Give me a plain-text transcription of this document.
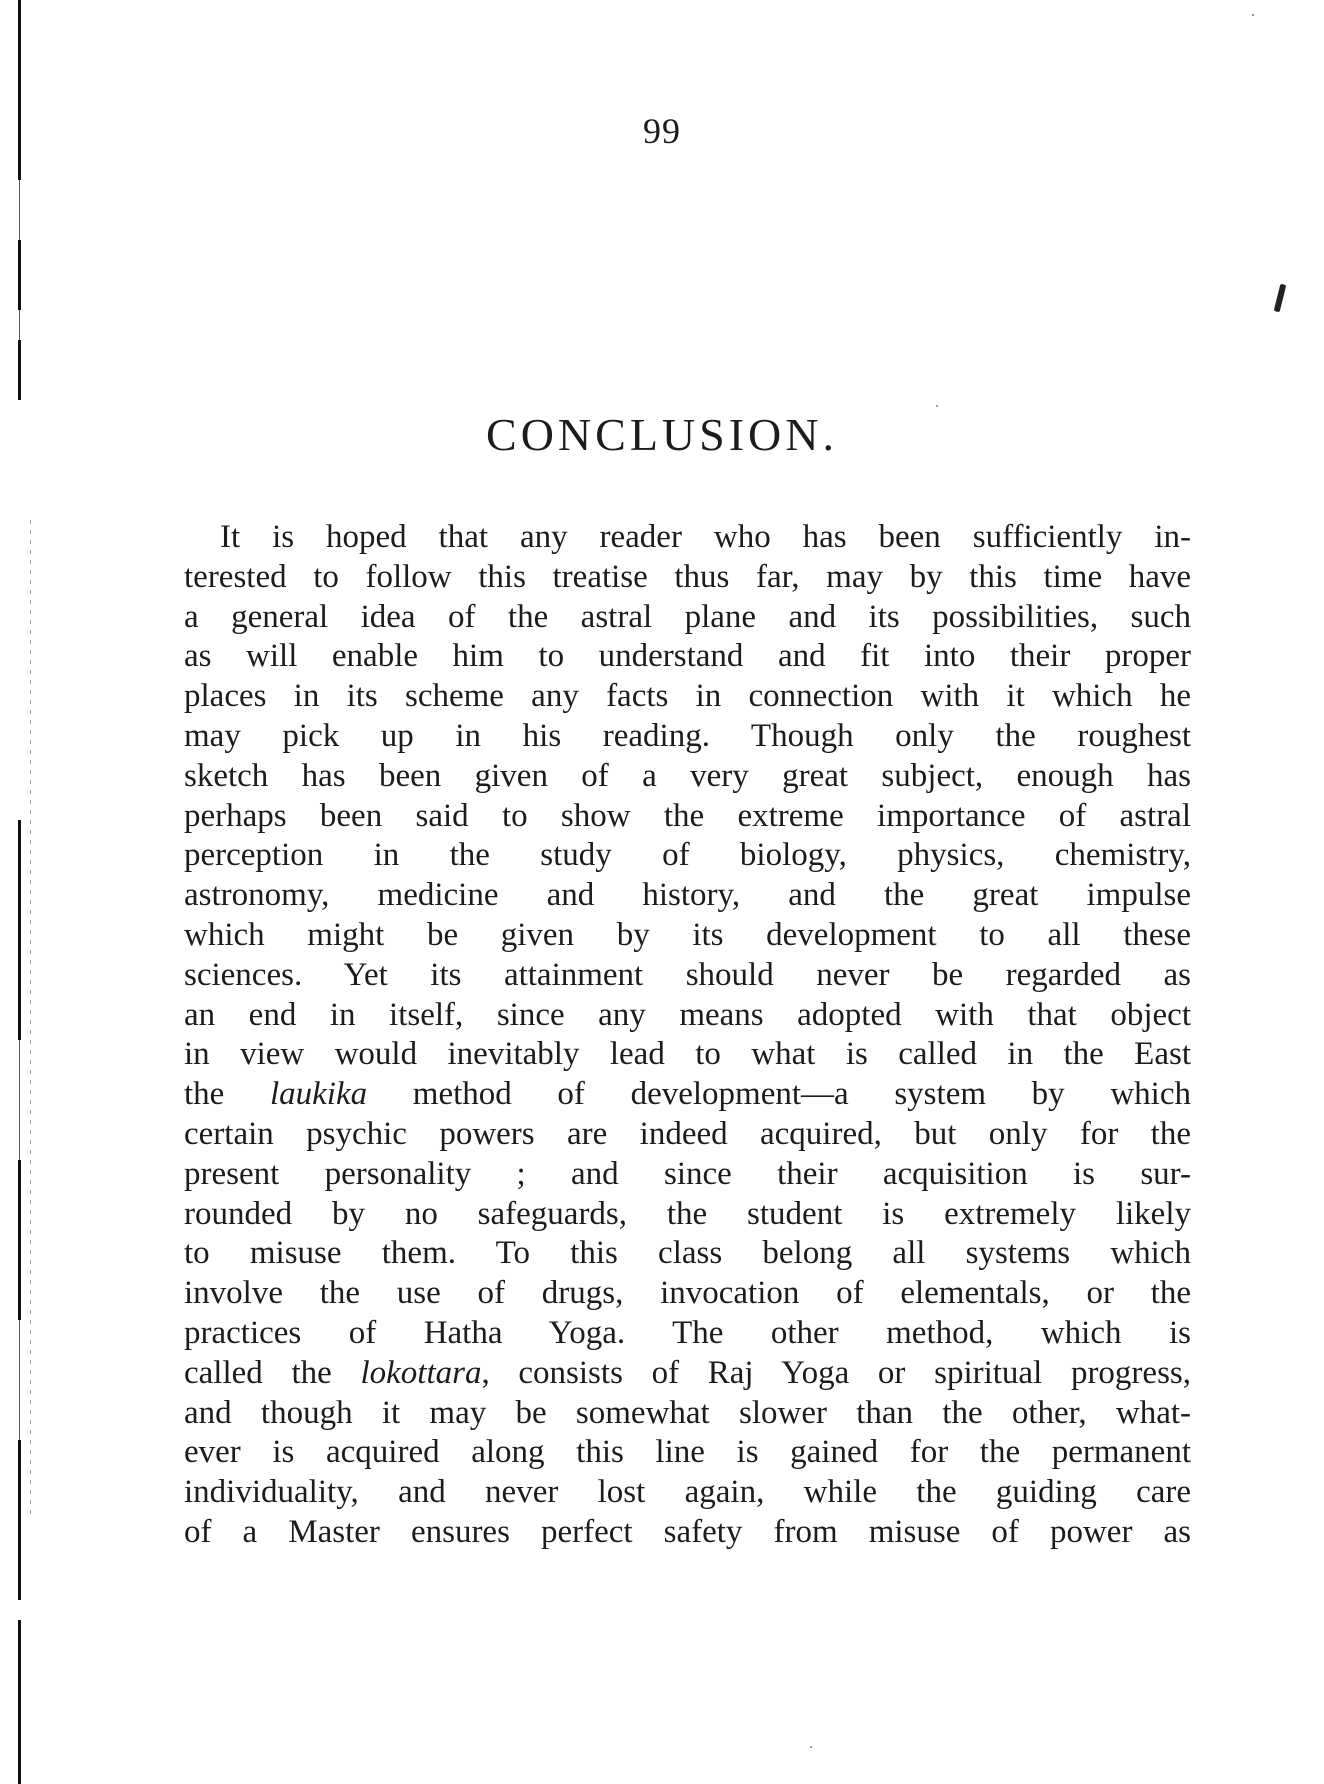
99
CONCLUSION.
It is hoped that any reader who has been sufficiently in-
terested to follow this treatise thus far, may by this time have
a general idea of the astral plane and its possibilities, such
as will enable him to understand and fit into their proper
places in its scheme any facts in connection with it which he
may pick up in his reading. Though only the roughest
sketch has been given of a very great subject, enough has
perhaps been said to show the extreme importance of astral
perception in the study of biology, physics, chemistry,
astronomy, medicine and history, and the great impulse
which might be given by its development to all these
sciences. Yet its attainment should never be regarded as
an end in itself, since any means adopted with that object
in view would inevitably lead to what is called in the East
the laukika method of development—a system by which
certain psychic powers are indeed acquired, but only for the
present personality ; and since their acquisition is sur-
rounded by no safeguards, the student is extremely likely
to misuse them. To this class belong all systems which
involve the use of drugs, invocation of elementals, or the
practices of Hatha Yoga. The other method, which is
called the lokottara, consists of Raj Yoga or spiritual progress,
and though it may be somewhat slower than the other, what-
ever is acquired along this line is gained for the permanent
individuality, and never lost again, while the guiding care
of a Master ensures perfect safety from misuse of power as
